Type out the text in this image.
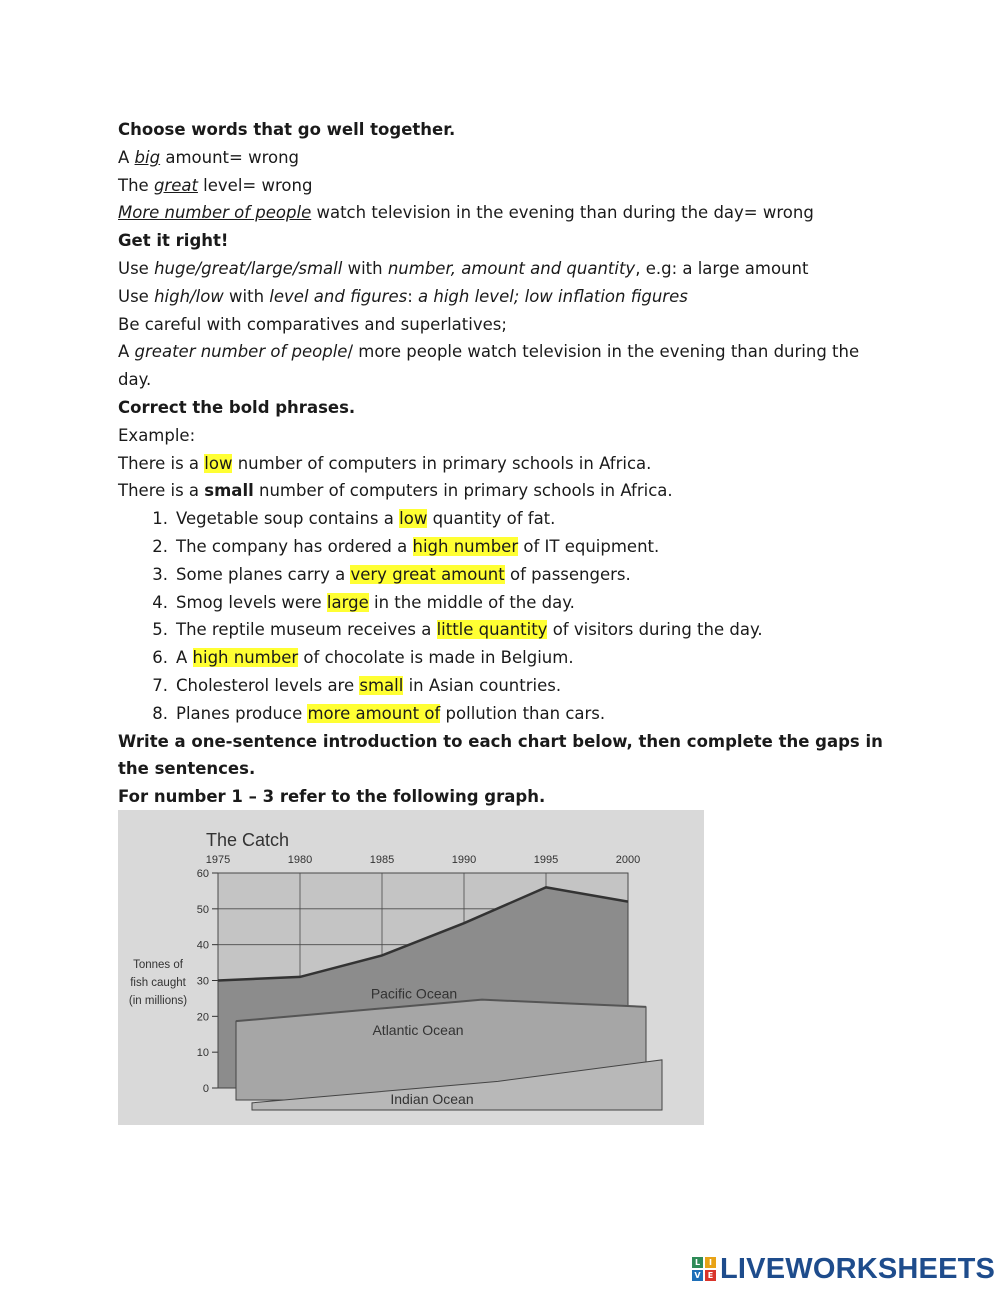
Choose words that go well together.
A big amount= wrong
The great level= wrong
More number of people watch television in the evening than during the day= wrong
Get it right!
Use huge/great/large/small with number, amount and quantity, e.g: a large amount
Use high/low with level and figures: a high level; low inflation figures
Be careful with comparatives and superlatives;
A greater number of people/ more people watch television in the evening than during the day.
Correct the bold phrases.
Example:
There is a low number of computers in primary schools in Africa.
There is a small number of computers in primary schools in Africa.
1. Vegetable soup contains a low quantity of fat.
2. The company has ordered a high number of IT equipment.
3. Some planes carry a very great amount of passengers.
4. Smog levels were large in the middle of the day.
5. The reptile museum receives a little quantity of visitors during the day.
6. A high number of chocolate is made in Belgium.
7. Cholesterol levels are small in Asian countries.
8. Planes produce more amount of pollution than cars.
Write a one-sentence introduction to each chart below, then complete the gaps in the sentences.
For number 1 – 3 refer to the following graph.
0
10
20
30
40
50
60
1975	1980	1985	1990	1995	2000
Pacific Ocean
Atlantic Ocean
Indian Ocean
The Catch
Tonnes of
fish caught
(in millions)
L	I
V E LIVEWORKSHEETS
